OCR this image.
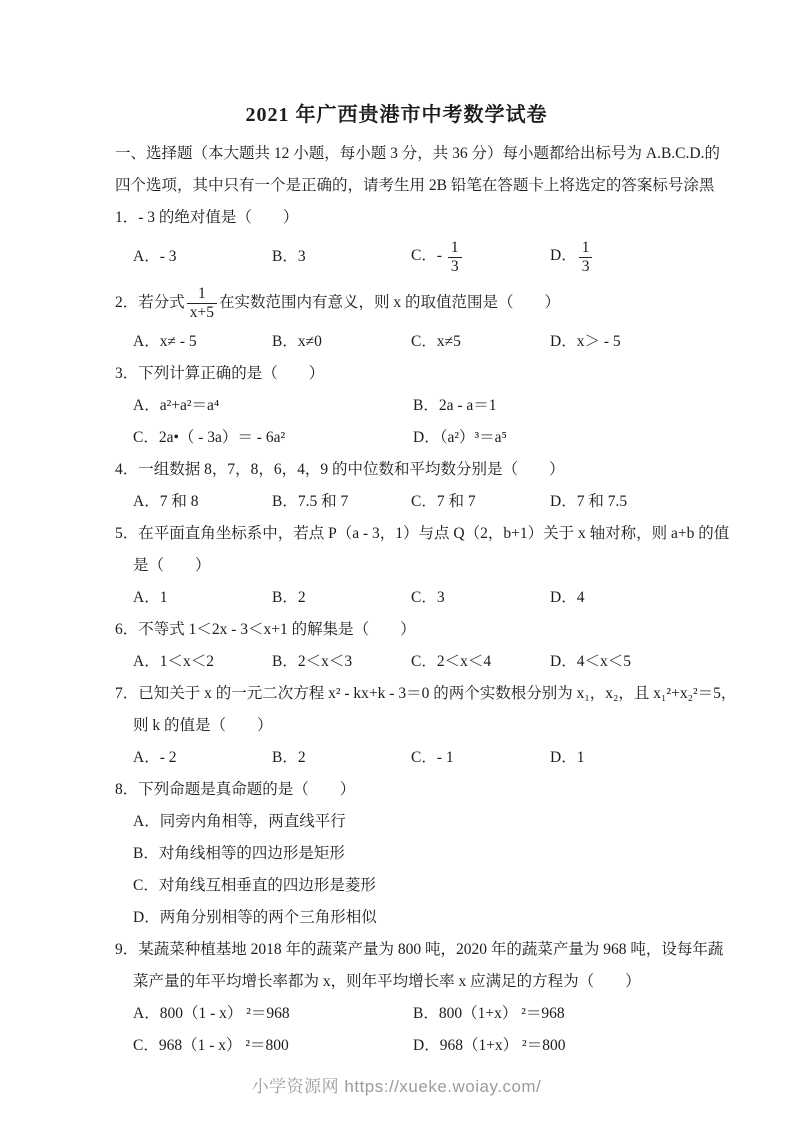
2021 年广西贵港市中考数学试卷

一、选择题（本大题共 12 小题，每小题 3 分，共 36 分）每小题都给出标号为 A.B.C.D.的

四个选项，其中只有一个是正确的，请考生用 2B 铅笔在答题卡上将选定的答案标号涂黑

1．- 3 的绝对值是（　　）
A．- 3	B．3	C．- $\frac{1}{3}$	D． $\frac{1}{3}$
2．若分式 $\frac{1}{x+5}$ 在实数范围内有意义，则 x 的取值范围是（　　）
A．x≠ - 5	B．x≠0	C．x≠5	D．x＞ - 5
3．下列计算正确的是（　　）
A．a²+a²＝a⁴	B．2a - a＝1
C．2a•（ - 3a）＝ - 6a²	D．（a²）³＝a⁵
4．一组数据 8，7，8，6，4，9 的中位数和平均数分别是（　　）
A．7 和 8	B．7.5 和 7	C．7 和 7	D．7 和 7.5
5．在平面直角坐标系中，若点 P（a - 3，1）与点 Q（2，b+1）关于 x 轴对称，则 a+b 的值
是（　　）
A．1	B．2	C．3	D．4
6．不等式 1＜2x - 3＜x+1 的解集是（　　）
A．1＜x＜2	B．2＜x＜3	C．2＜x＜4	D．4＜x＜5
7．已知关于 x 的一元二次方程 x² - kx+k - 3＝0 的两个实数根分别为 x₁，x₂，且 x₁²+x₂²＝5，
则 k 的值是（　　）
A．- 2	B．2	C．- 1	D．1
8．下列命题是真命题的是（　　）
A．同旁内角相等，两直线平行
B．对角线相等的四边形是矩形
C．对角线互相垂直的四边形是菱形
D．两角分别相等的两个三角形相似
9．某蔬菜种植基地 2018 年的蔬菜产量为 800 吨，2020 年的蔬菜产量为 968 吨，设每年蔬
菜产量的年平均增长率都为 x，则年平均增长率 x 应满足的方程为（　　）
A．800（1 - x） ²＝968	B．800（1+x） ²＝968
C．968（1 - x） ²＝800	D．968（1+x） ²＝800
小学资源网 https://xueke.woiay.com/
